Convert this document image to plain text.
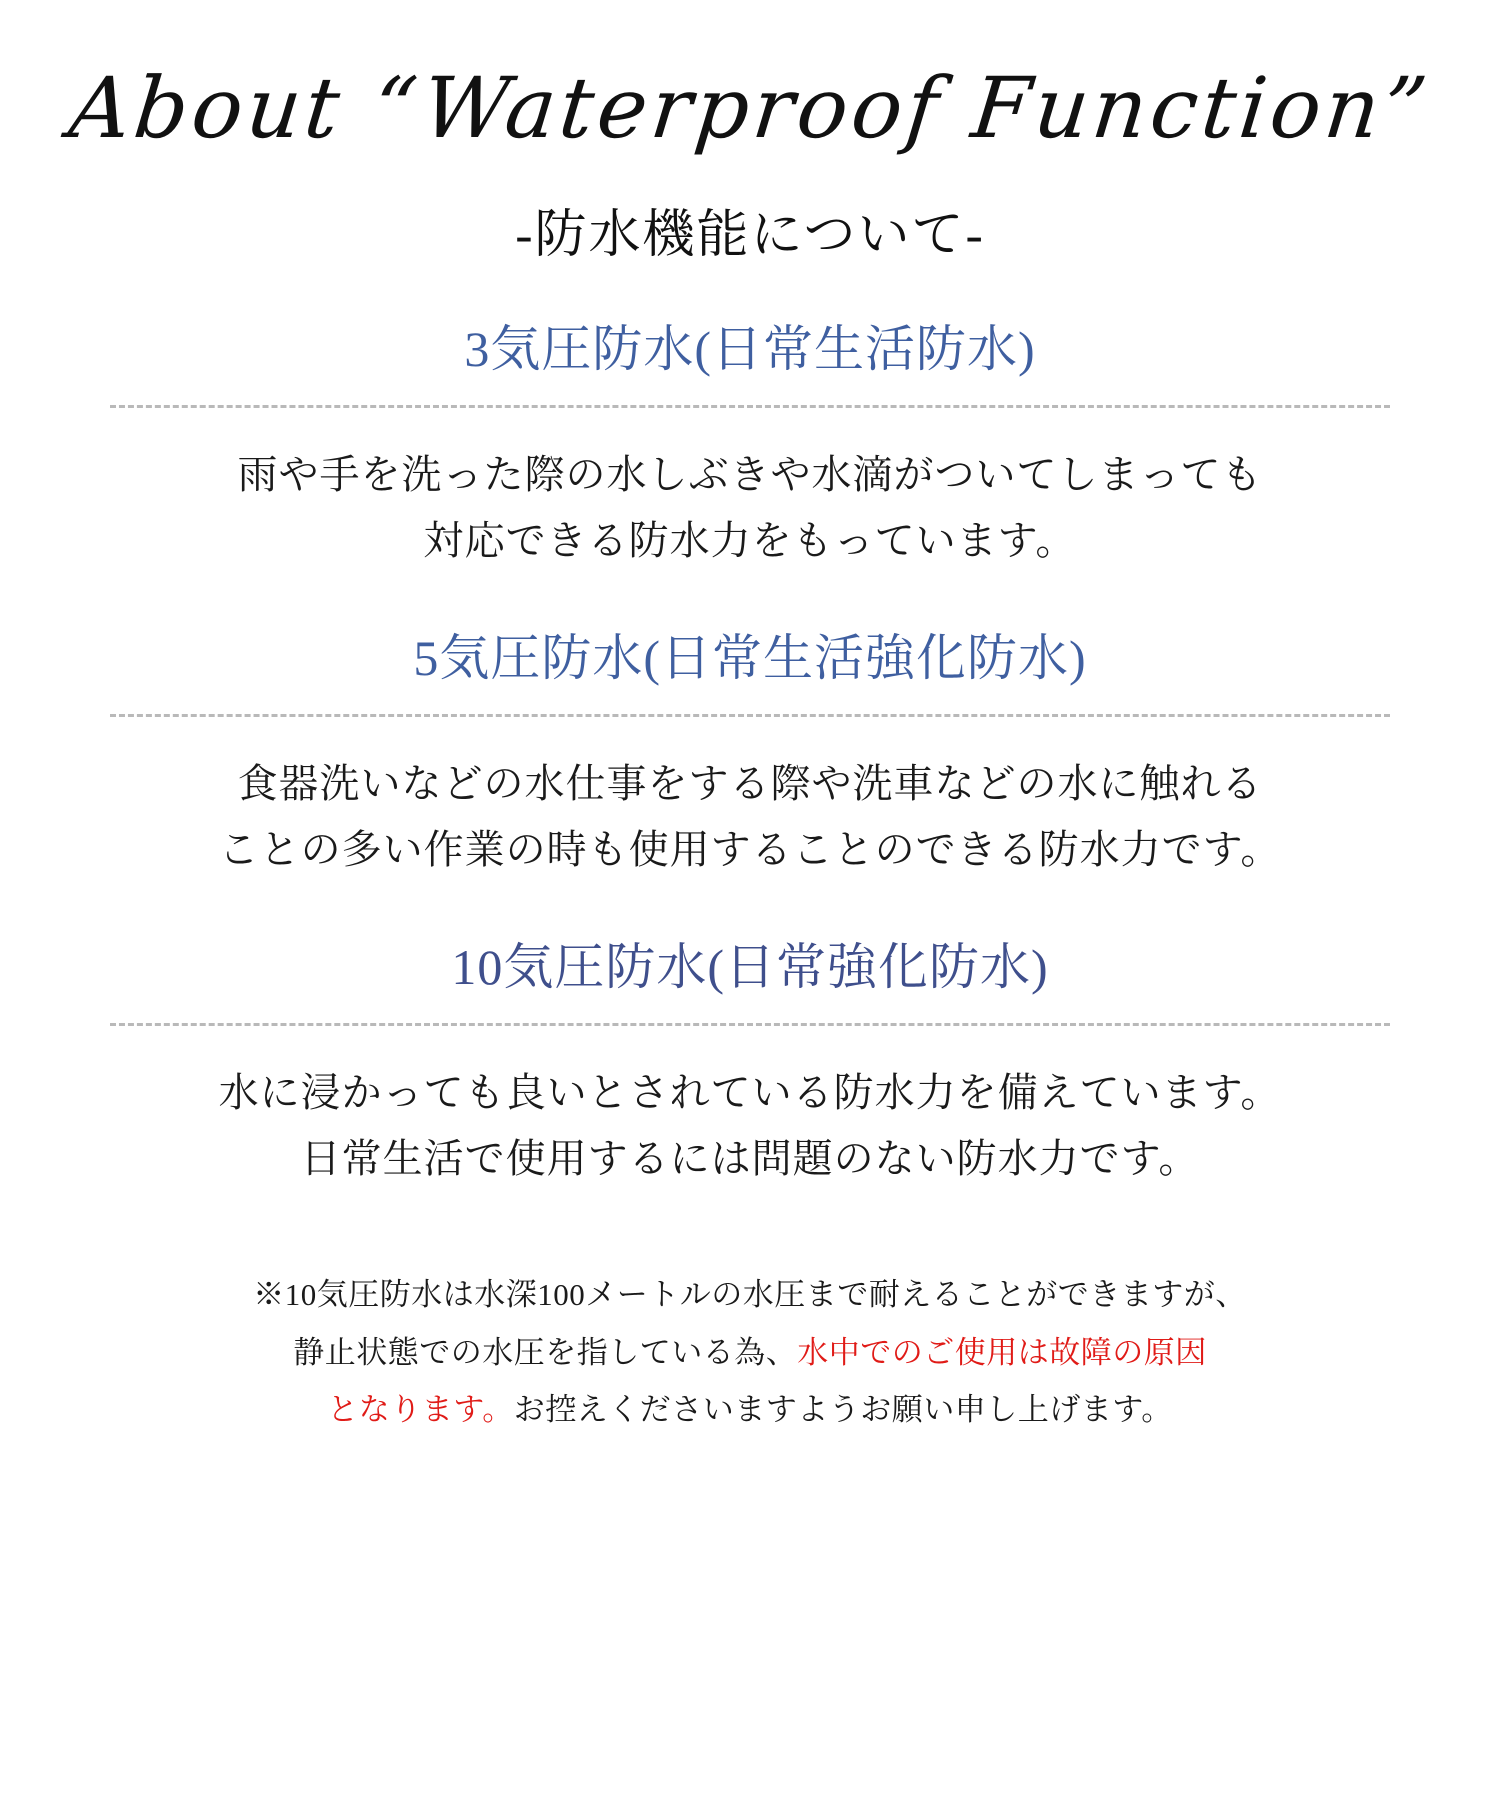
About “Waterproof Function”
-防水機能について-
3気圧防水(日常生活防水)
雨や手を洗った際の水しぶきや水滴がついてしまっても
対応できる防水力をもっています。
5気圧防水(日常生活強化防水)
食器洗いなどの水仕事をする際や洗車などの水に触れる
ことの多い作業の時も使用することのできる防水力です。
10気圧防水(日常強化防水)
水に浸かっても良いとされている防水力を備えています。
日常生活で使用するには問題のない防水力です。
※10気圧防水は水深100メートルの水圧まで耐えることができますが、
静止状態での水圧を指している為、水中でのご使用は故障の原因
となります。お控えくださいますようお願い申し上げます。
